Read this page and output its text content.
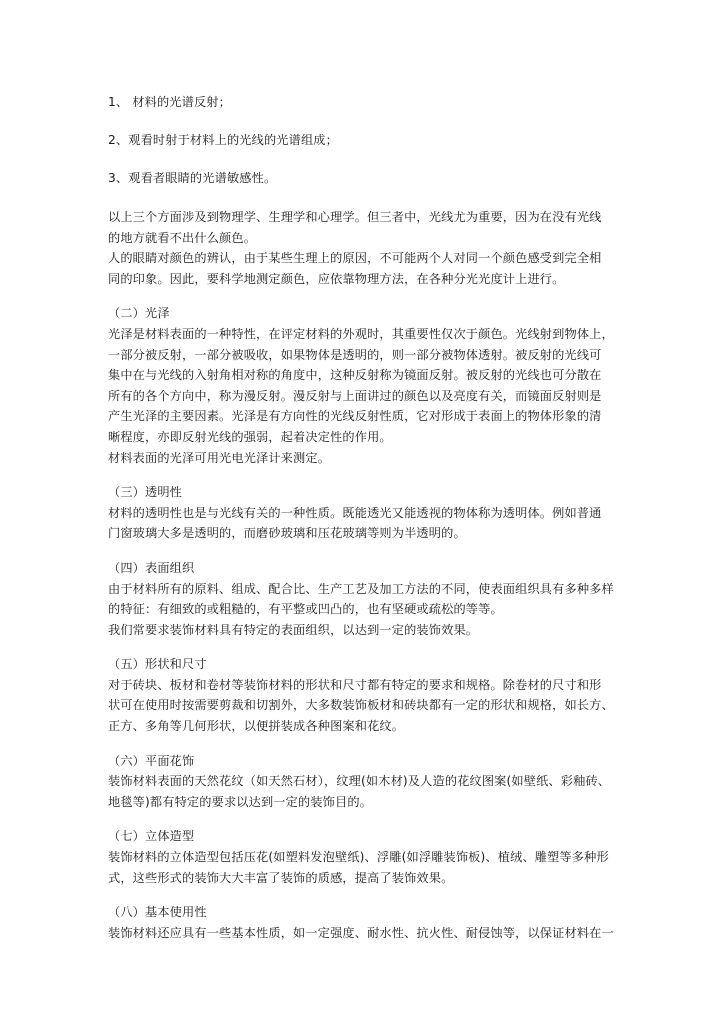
1、 材料的光谱反射；
2、观看时射于材料上的光线的光谱组成；
3、观看者眼睛的光谱敏感性。
以上三个方面涉及到物理学、生理学和心理学。但三者中，光线尤为重要，因为在没有光线
的地方就看不出什么颜色。
人的眼睛对颜色的辨认，由于某些生理上的原因，不可能两个人对同一个颜色感受到完全相
同的印象。因此，要科学地测定颜色，应依靠物理方法，在各种分光光度计上进行。
（二）光泽
光泽是材料表面的一种特性，在评定材料的外观时，其重要性仅次于颜色。光线射到物体上，
一部分被反射，一部分被吸收，如果物体是透明的，则一部分被物体透射。被反射的光线可
集中在与光线的入射角相对称的角度中，这种反射称为镜面反射。被反射的光线也可分散在
所有的各个方向中，称为漫反射。漫反射与上面讲过的颜色以及亮度有关，而镜面反射则是
产生光泽的主要因素。光泽是有方向性的光线反射性质，它对形成于表面上的物体形象的清
晰程度，亦即反射光线的强弱，起着决定性的作用。
材料表面的光泽可用光电光泽计来测定。
（三）透明性
材料的透明性也是与光线有关的一种性质。既能透光又能透视的物体称为透明体。例如普通
门窗玻璃大多是透明的，而磨砂玻璃和压花玻璃等则为半透明的。
（四）表面组织
由于材料所有的原料、组成、配合比、生产工艺及加工方法的不同，使表面组织具有多种多样
的特征：有细致的或粗糙的，有平整或凹凸的，也有坚硬或疏松的等等。
我们常要求装饰材料具有特定的表面组织，以达到一定的装饰效果。
（五）形状和尺寸
对于砖块、板材和卷材等装饰材料的形状和尺寸都有特定的要求和规格。除卷材的尺寸和形
状可在使用时按需要剪裁和切割外，大多数装饰板材和砖块都有一定的形状和规格，如长方、
正方、多角等几何形状，以便拼装成各种图案和花纹。
（六）平面花饰
装饰材料表面的天然花纹（如天然石材），纹理(如木材)及人造的花纹图案(如壁纸、彩釉砖、
地毯等)都有特定的要求以达到一定的装饰目的。
（七）立体造型
装饰材料的立体造型包括压花(如塑料发泡壁纸)、浮雕(如浮雕装饰板)、植绒、雕塑等多种形
式，这些形式的装饰大大丰富了装饰的质感，提高了装饰效果。
（八）基本使用性
装饰材料还应具有一些基本性质，如一定强度、耐水性、抗火性、耐侵蚀等，以保证材料在一
